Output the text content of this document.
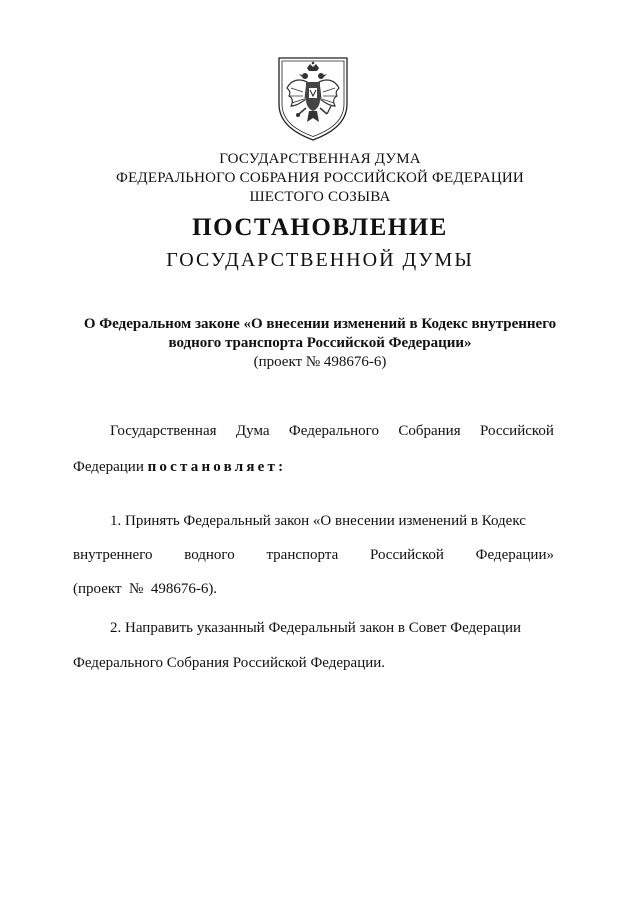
ГОСУДАРСТВЕННАЯ ДУМА
ФЕДЕРАЛЬНОГО СОБРАНИЯ РОССИЙСКОЙ ФЕДЕРАЦИИ
ШЕСТОГО СОЗЫВА
ПОСТАНОВЛЕНИЕ
ГОСУДАРСТВЕННОЙ ДУМЫ
О Федеральном законе «О внесении изменений в Кодекс внутреннего
водного транспорта Российской Федерации»
(проект № 498676-6)
Государственная Дума Федерального Собрания Российской
Федерации постановляет:
1. Принять Федеральный закон «О внесении изменений в Кодекс
внутреннего водного транспорта Российской Федерации»
(проект  №  498676-6).
2. Направить указанный Федеральный закон в Совет Федерации
Федерального Собрания Российской Федерации.
